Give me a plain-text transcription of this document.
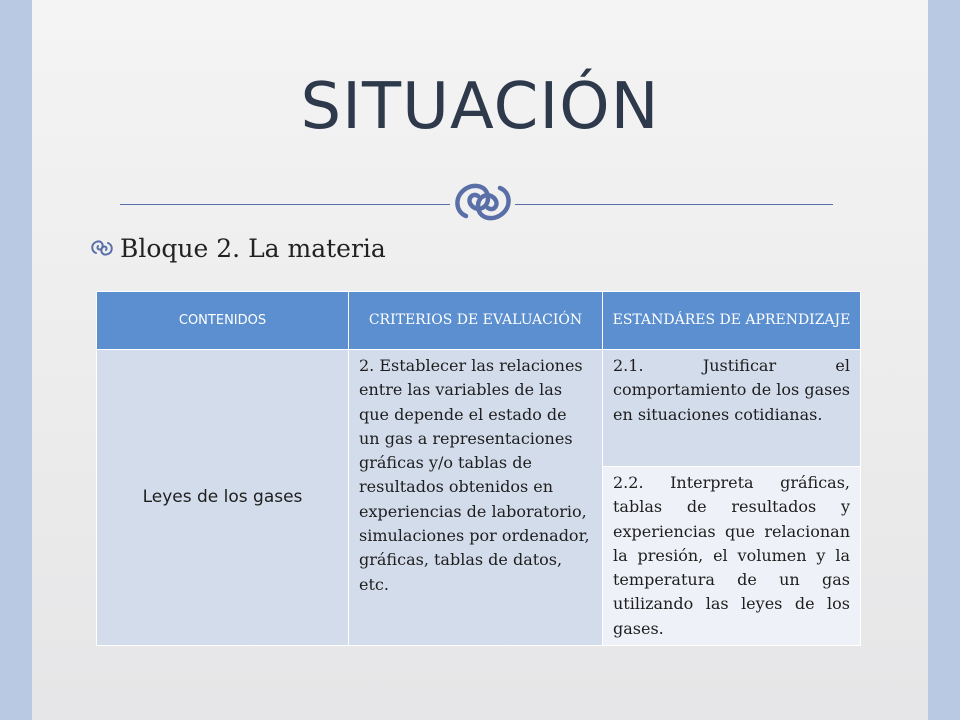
SITUACIÓN
Bloque 2. La materia
CONTENIDOS	CRITERIOS DE EVALUACIÓN	ESTANDÁRES DE APRENDIZAJE
Leyes de los gases	2. Establecer las relaciones entre las variables de las que depende el estado de un gas a representaciones gráficas y/o tablas de resultados obtenidos en experiencias de laboratorio, simulaciones por ordenador, gráficas, tablas de datos, etc.	2.1. Justificar el comportamiento de los gases en situaciones cotidianas.
		2.2. Interpreta gráficas, tablas de resultados y experiencias que relacionan la presión, el volumen y la temperatura de un gas utilizando las leyes de los gases.
